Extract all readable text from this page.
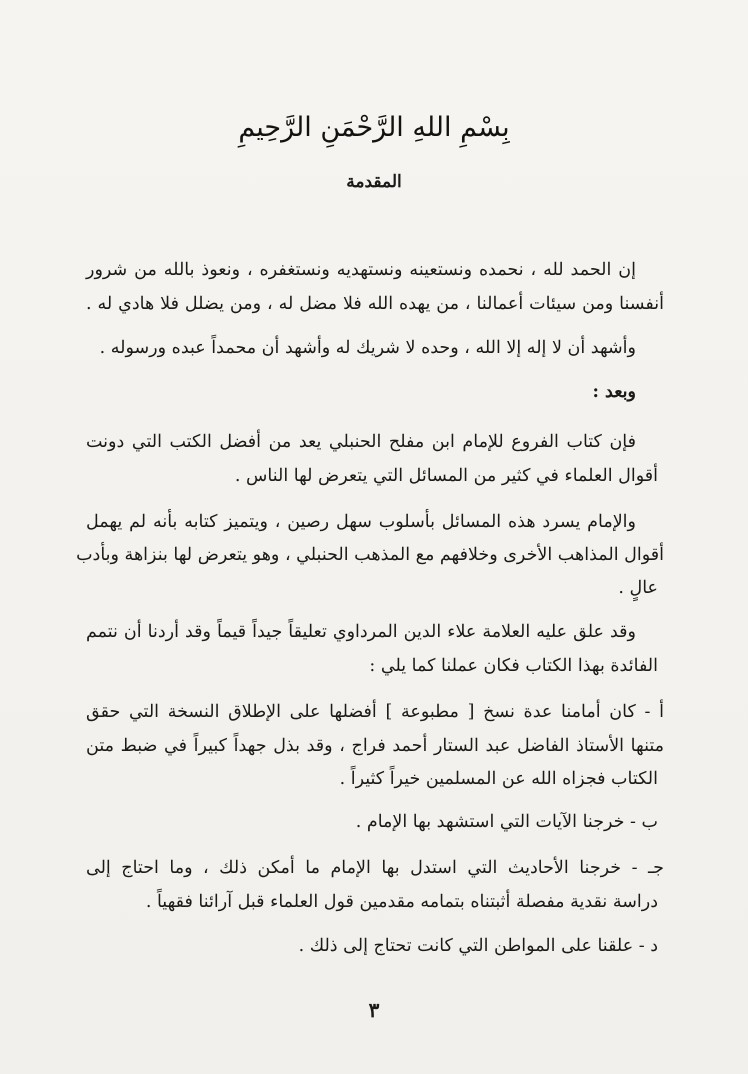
بِسْمِ اللهِ الرَّحْمَنِ الرَّحِيمِ
المقدمة
إن الحمد لله ، نحمده ونستعينه ونستهديه ونستغفره ، ونعوذ بالله من شرور
أنفسنا ومن سيئات أعمالنا ، من يهده الله فلا مضل له ، ومن يضلل فلا هادي له .
وأشهد أن لا إله إلا الله ، وحده لا شريك له وأشهد أن محمداً عبده ورسوله .
وبعد :
فإن كتاب الفروع للإمام ابن مفلح الحنبلي يعد من أفضل الكتب التي دونت
أقوال العلماء في كثير من المسائل التي يتعرض لها الناس .
والإمام يسرد هذه المسائل بأسلوب سهل رصين ، ويتميز كتابه بأنه لم يهمل
أقوال المذاهب الأخرى وخلافهم مع المذهب الحنبلي ، وهو يتعرض لها بنزاهة وبأدب
عالٍ .
وقد علق عليه العلامة علاء الدين المرداوي تعليقاً جيداً قيماً وقد أردنا أن نتمم
الفائدة بهذا الكتاب فكان عملنا كما يلي :
أ - كان أمامنا عدة نسخ [ مطبوعة ] أفضلها على الإطلاق النسخة التي حقق
متنها الأستاذ الفاضل عبد الستار أحمد فراج ، وقد بذل جهداً كبيراً في ضبط متن
الكتاب فجزاه الله عن المسلمين خيراً كثيراً .
ب - خرجنا الآيات التي استشهد بها الإمام .
جـ - خرجنا الأحاديث التي استدل بها الإمام ما أمكن ذلك ، وما احتاج إلى
دراسة نقدية مفصلة أثبتناه بتمامه مقدمين قول العلماء قبل آرائنا فقهياً .
د - علقنا على المواطن التي كانت تحتاج إلى ذلك .
٣
